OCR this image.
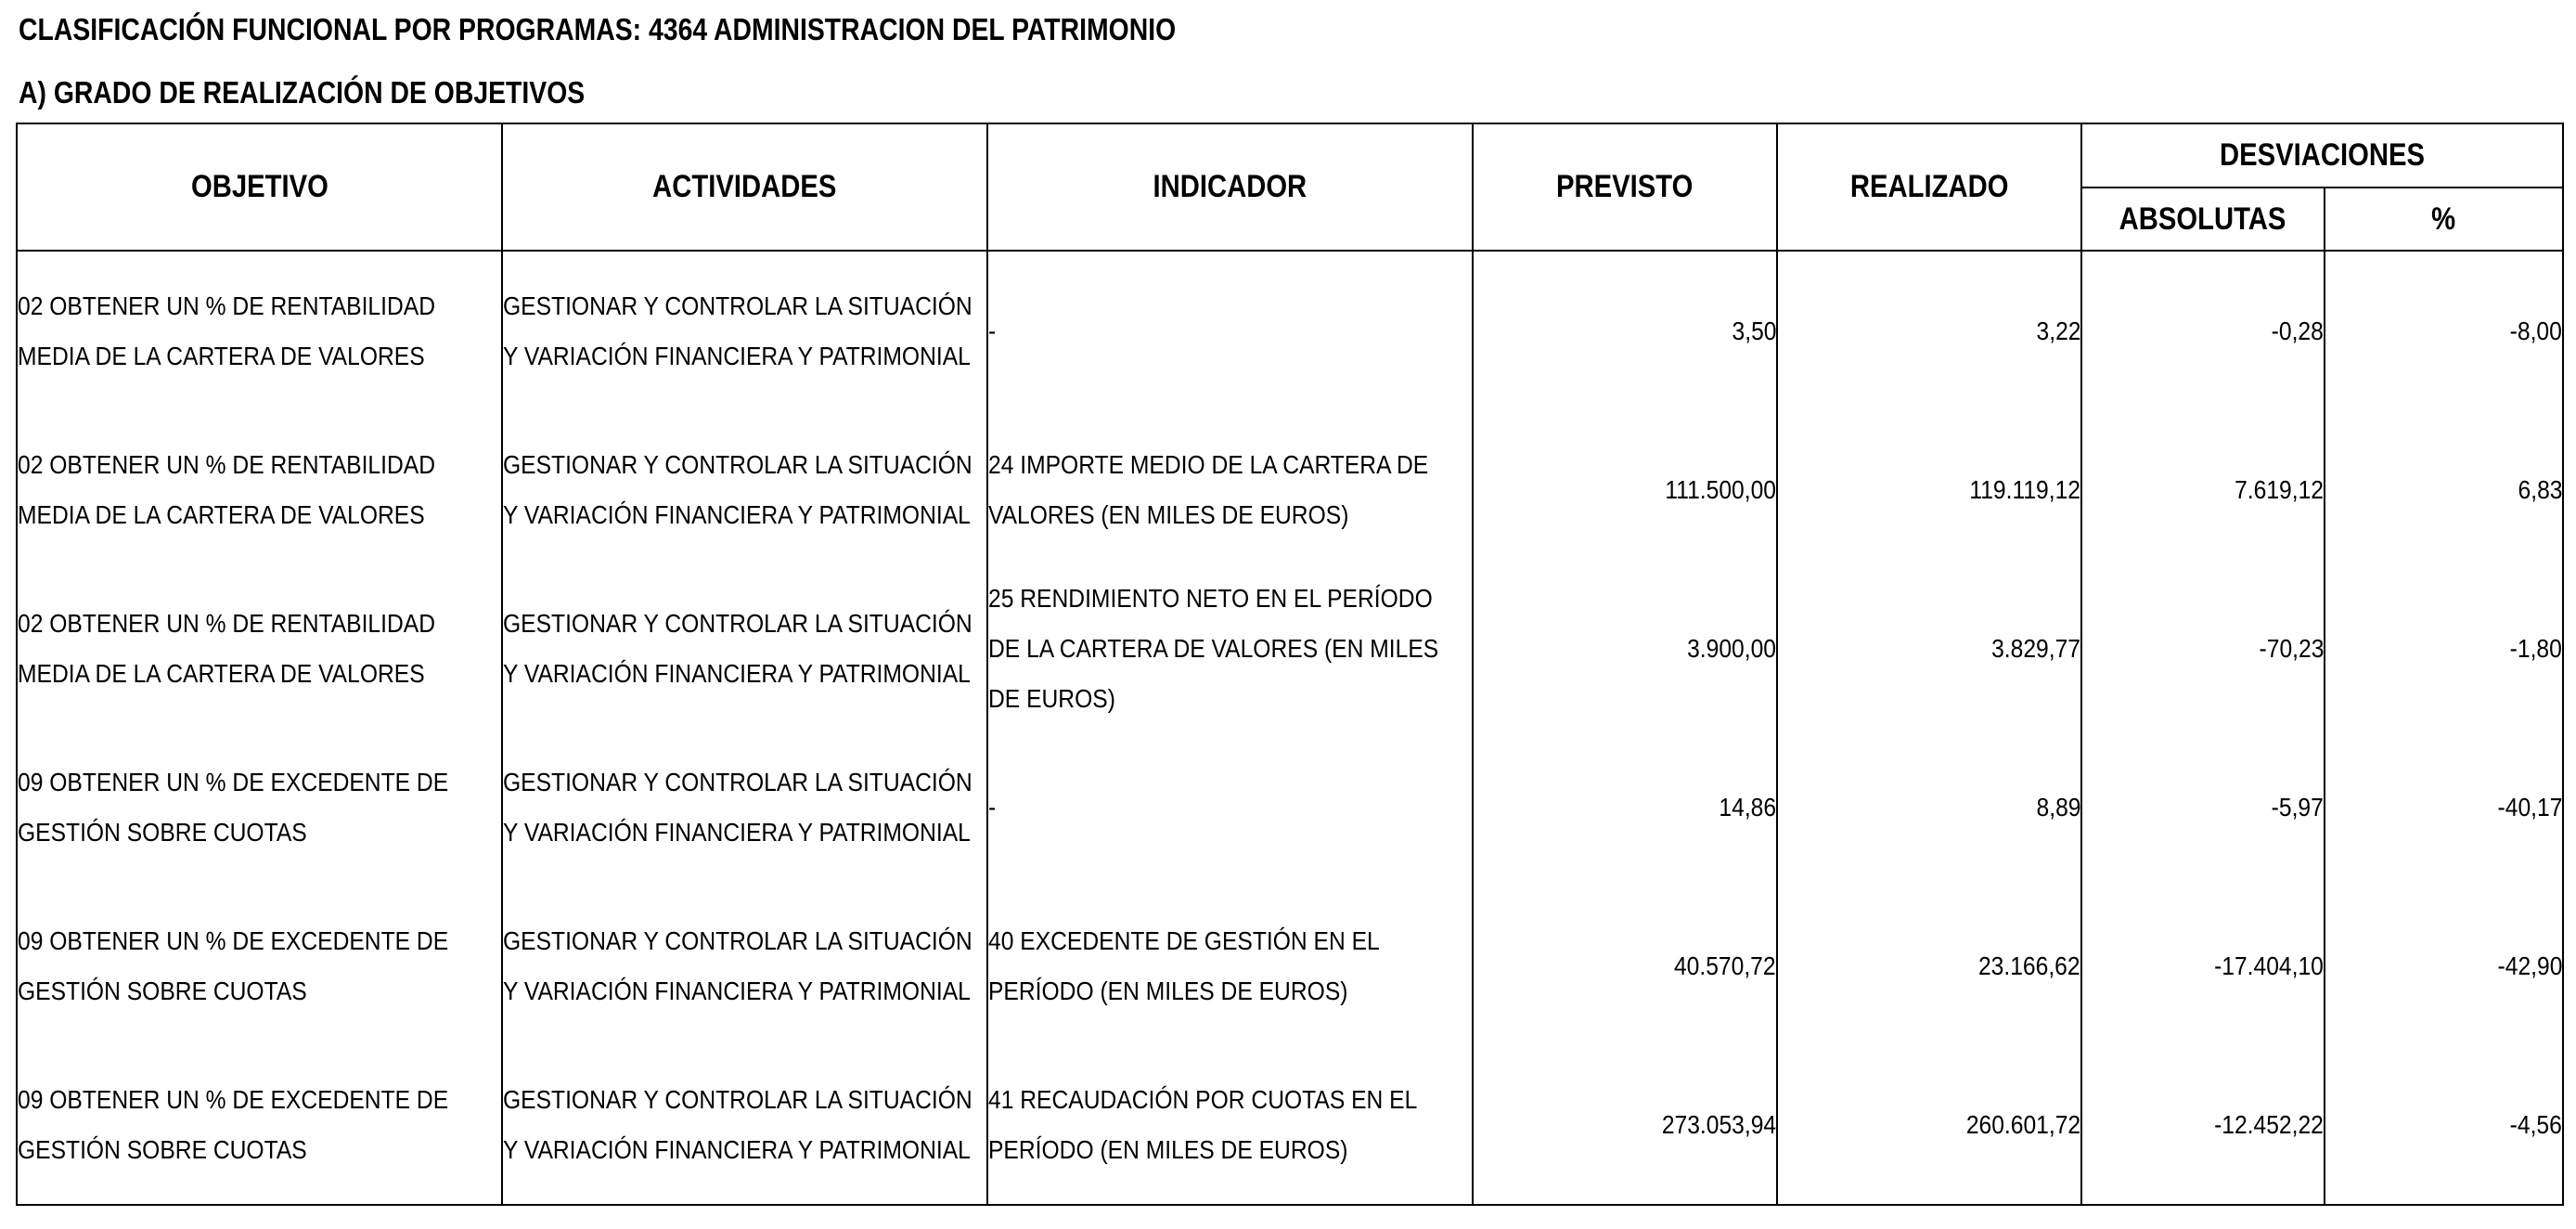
CLASIFICACIÓN FUNCIONAL POR PROGRAMAS: 4364 ADMINISTRACION DEL PATRIMONIO
A) GRADO DE REALIZACIÓN DE OBJETIVOS
OBJETIVO	ACTIVIDADES	INDICADOR	PREVISTO	REALIZADO	DESVIACIONES	
					ABSOLUTAS	%
02 OBTENER UN % DE RENTABILIDAD MEDIA DE LA CARTERA DE VALORES	GESTIONAR Y CONTROLAR LA SITUACIÓN Y VARIACIÓN FINANCIERA Y PATRIMONIAL	-	3,50	3,22	-0,28	-8,00
02 OBTENER UN % DE RENTABILIDAD MEDIA DE LA CARTERA DE VALORES	GESTIONAR Y CONTROLAR LA SITUACIÓN Y VARIACIÓN FINANCIERA Y PATRIMONIAL	24 IMPORTE MEDIO DE LA CARTERA DE VALORES (EN MILES DE EUROS)	111.500,00	119.119,12	7.619,12	6,83
02 OBTENER UN % DE RENTABILIDAD MEDIA DE LA CARTERA DE VALORES	GESTIONAR Y CONTROLAR LA SITUACIÓN Y VARIACIÓN FINANCIERA Y PATRIMONIAL	25 RENDIMIENTO NETO EN EL PERÍODO DE LA CARTERA DE VALORES (EN MILES DE EUROS)	3.900,00	3.829,77	-70,23	-1,80
09 OBTENER UN % DE EXCEDENTE DE GESTIÓN SOBRE CUOTAS	GESTIONAR Y CONTROLAR LA SITUACIÓN Y VARIACIÓN FINANCIERA Y PATRIMONIAL	-	14,86	8,89	-5,97	-40,17
09 OBTENER UN % DE EXCEDENTE DE GESTIÓN SOBRE CUOTAS	GESTIONAR Y CONTROLAR LA SITUACIÓN Y VARIACIÓN FINANCIERA Y PATRIMONIAL	40 EXCEDENTE DE GESTIÓN EN EL PERÍODO (EN MILES DE EUROS)	40.570,72	23.166,62	-17.404,10	-42,90
09 OBTENER UN % DE EXCEDENTE DE GESTIÓN SOBRE CUOTAS	GESTIONAR Y CONTROLAR LA SITUACIÓN Y VARIACIÓN FINANCIERA Y PATRIMONIAL	41 RECAUDACIÓN POR CUOTAS EN EL PERÍODO (EN MILES DE EUROS)	273.053,94	260.601,72	-12.452,22	-4,56
